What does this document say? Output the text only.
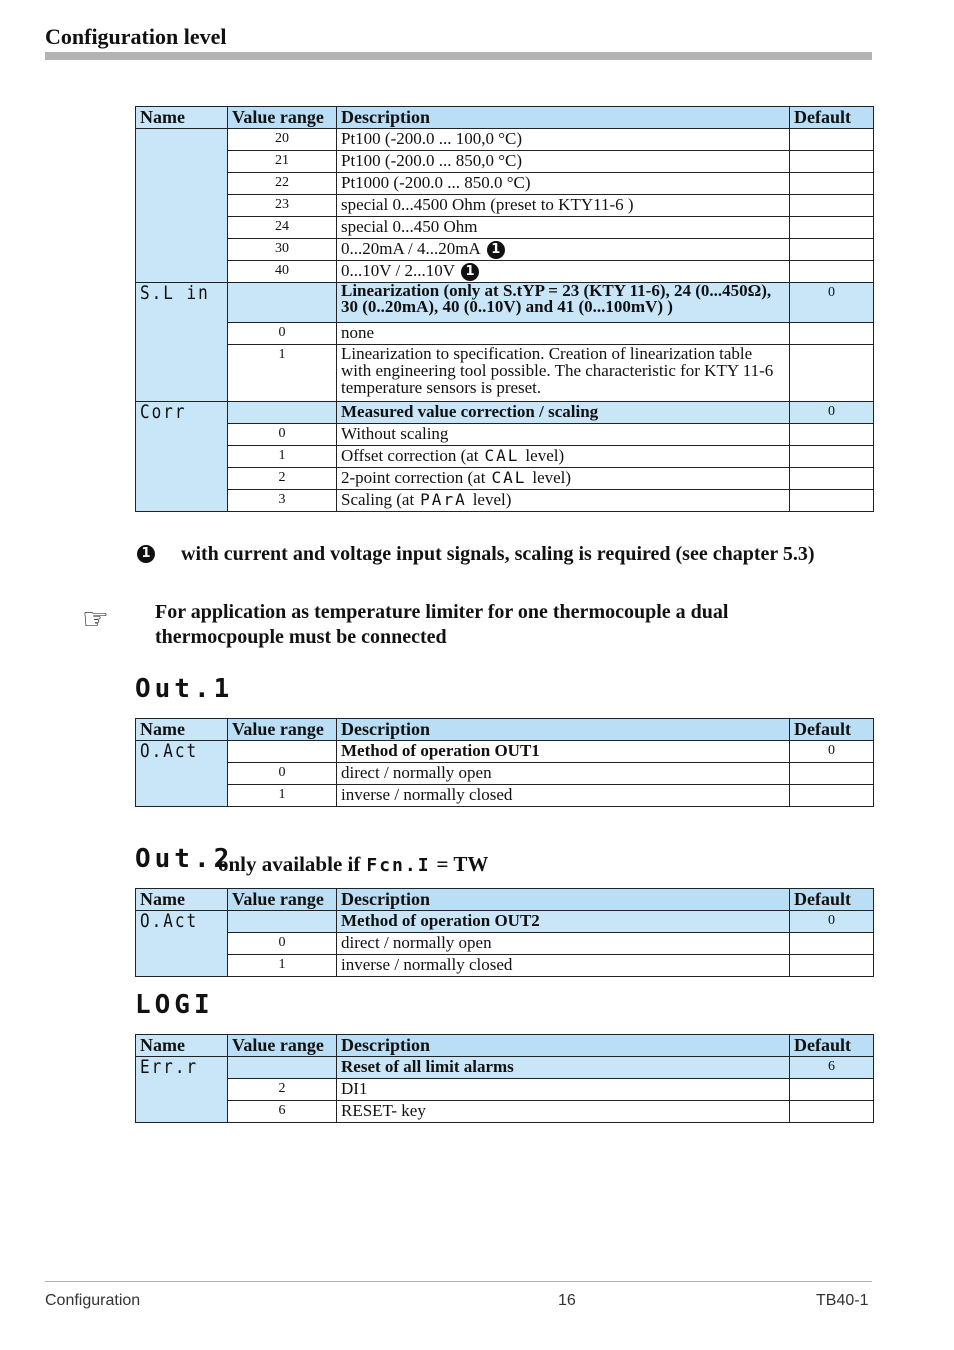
Configuration level
Name	Value range	Description	Default
	20	Pt100 (-200.0 ... 100,0 °C)	
	21	Pt100 (-200.0 ... 850,0 °C)	
	22	Pt1000 (-200.0 ... 850.0 °C)	
	23	special 0...4500 Ohm (preset to KTY11-6 )	
	24	special 0...450 Ohm	
	30	0...20mA / 4...20mA 1	
	40	0...10V / 2...10V 1	
S.L in		Linearization (only at S.tYP = 23 (KTY 11-6), 24 (0...450Ω), 30 (0..20mA), 40 (0..10V) and 41 (0...100mV) )	0
	0	none	
	1	Linearization to specification. Creation of linearization table with engineering tool possible. The characteristic for KTY 11-6 temperature sensors is preset.	
Corr		Measured value correction / scaling	0
	0	Without scaling	
	1	Offset correction (at CAL level)	
	2	2-point correction (at CAL level)	
	3	Scaling (at PArA level)	
1 with current and voltage input signals, scaling is required (see chapter 5.3)
☞ For application as temperature limiter for one thermocouple a dual thermocpouple must be connected
Out.1
Name	Value range	Description	Default
O.Act		Method of operation OUT1	0
	0	direct / normally open	
	1	inverse / normally closed	
Out.2
only available if Fcn.I = TW
Name	Value range	Description	Default
O.Act		Method of operation OUT2	0
	0	direct / normally open	
	1	inverse / normally closed	
LOGI
Name	Value range	Description	Default
Err.r		Reset of all limit alarms	6
	2	DI1	
	6	RESET- key	
Configuration	16	TB40-1
